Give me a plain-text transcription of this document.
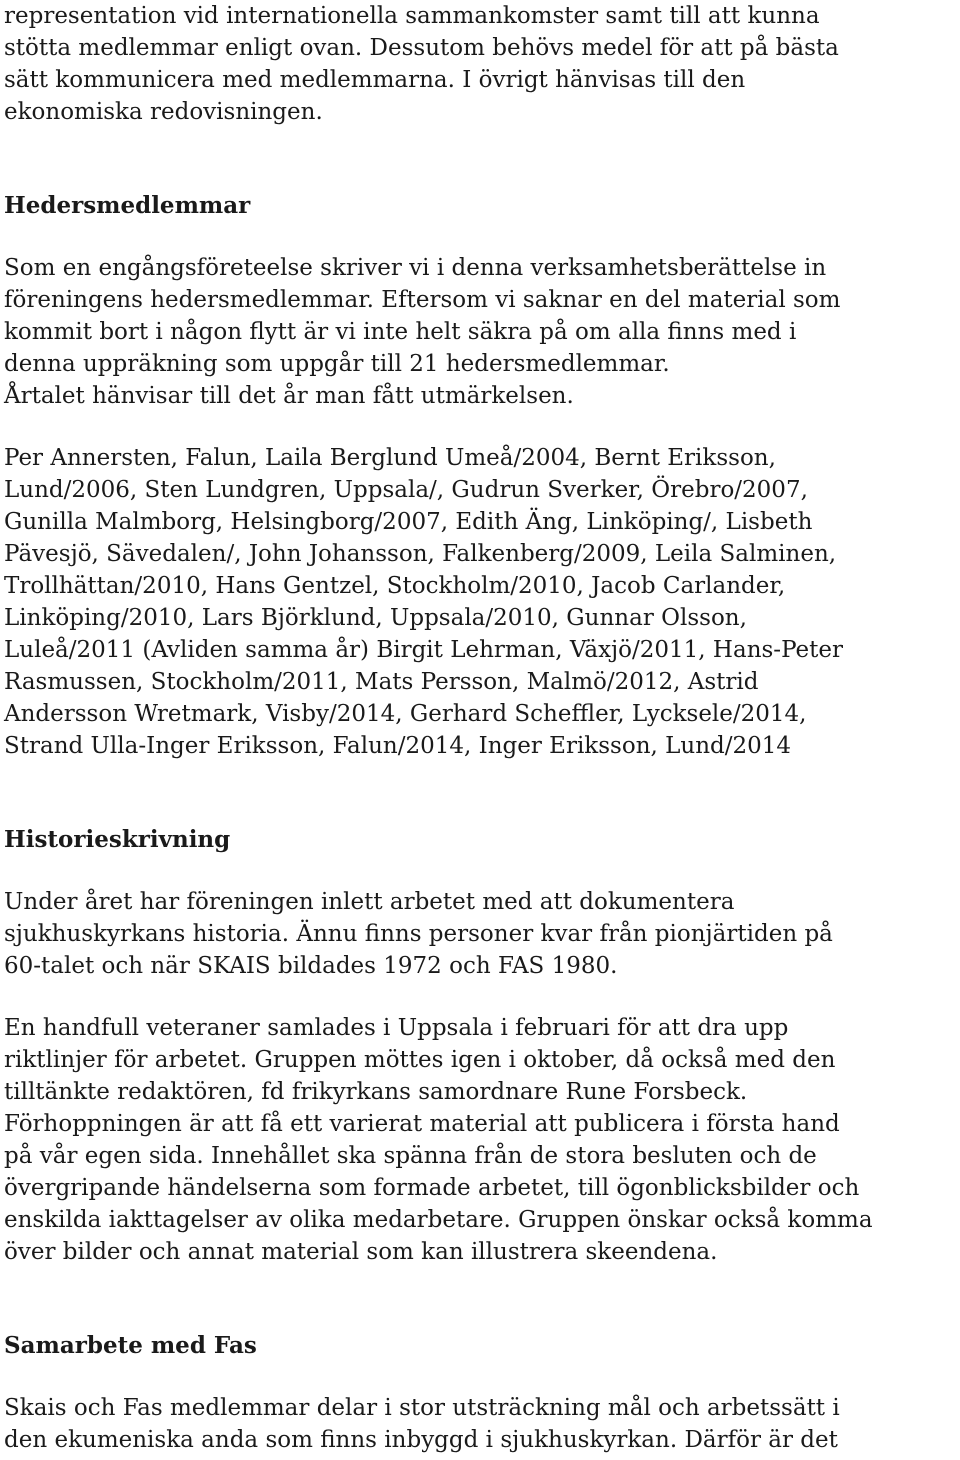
representation vid internationella sammankomster samt till att kunna
stötta medlemmar enligt ovan. Dessutom behövs medel för att på bästa
sätt kommunicera med medlemmarna. I övrigt hänvisas till den
ekonomiska redovisningen.

Hedersmedlemmar

Som en engångsföreteelse skriver vi i denna verksamhetsberättelse in
föreningens hedersmedlemmar. Eftersom vi saknar en del material som
kommit bort i någon flytt är vi inte helt säkra på om alla finns med i
denna uppräkning som uppgår till 21 hedersmedlemmar.
Årtalet hänvisar till det år man fått utmärkelsen.

Per Annersten, Falun, Laila Berglund Umeå/2004, Bernt Eriksson,
Lund/2006, Sten Lundgren, Uppsala/, Gudrun Sverker, Örebro/2007,
Gunilla Malmborg, Helsingborg/2007, Edith Äng, Linköping/, Lisbeth
Pävesjö, Sävedalen/, John Johansson, Falkenberg/2009, Leila Salminen,
Trollhättan/2010, Hans Gentzel, Stockholm/2010, Jacob Carlander,
Linköping/2010, Lars Björklund, Uppsala/2010, Gunnar Olsson,
Luleå/2011 (Avliden samma år) Birgit Lehrman, Växjö/2011, Hans-Peter
Rasmussen, Stockholm/2011, Mats Persson, Malmö/2012, Astrid
Andersson Wretmark, Visby/2014, Gerhard Scheffler, Lycksele/2014,
Strand Ulla-Inger Eriksson, Falun/2014, Inger Eriksson, Lund/2014

Historieskrivning

Under året har föreningen inlett arbetet med att dokumentera
sjukhuskyrkans historia. Ännu finns personer kvar från pionjärtiden på
60-talet och när SKAIS bildades 1972 och FAS 1980.

En handfull veteraner samlades i Uppsala i februari för att dra upp
riktlinjer för arbetet. Gruppen möttes igen i oktober, då också med den
tilltänkte redaktören, fd frikyrkans samordnare Rune Forsbeck.
Förhoppningen är att få ett varierat material att publicera i första hand
på vår egen sida. Innehållet ska spänna från de stora besluten och de
övergripande händelserna som formade arbetet, till ögonblicksbilder och
enskilda iakttagelser av olika medarbetare. Gruppen önskar också komma
över bilder och annat material som kan illustrera skeendena.

Samarbete med Fas

Skais och Fas medlemmar delar i stor utsträckning mål och arbetssätt i
den ekumeniska anda som finns inbyggd i sjukhuskyrkan. Därför är det
